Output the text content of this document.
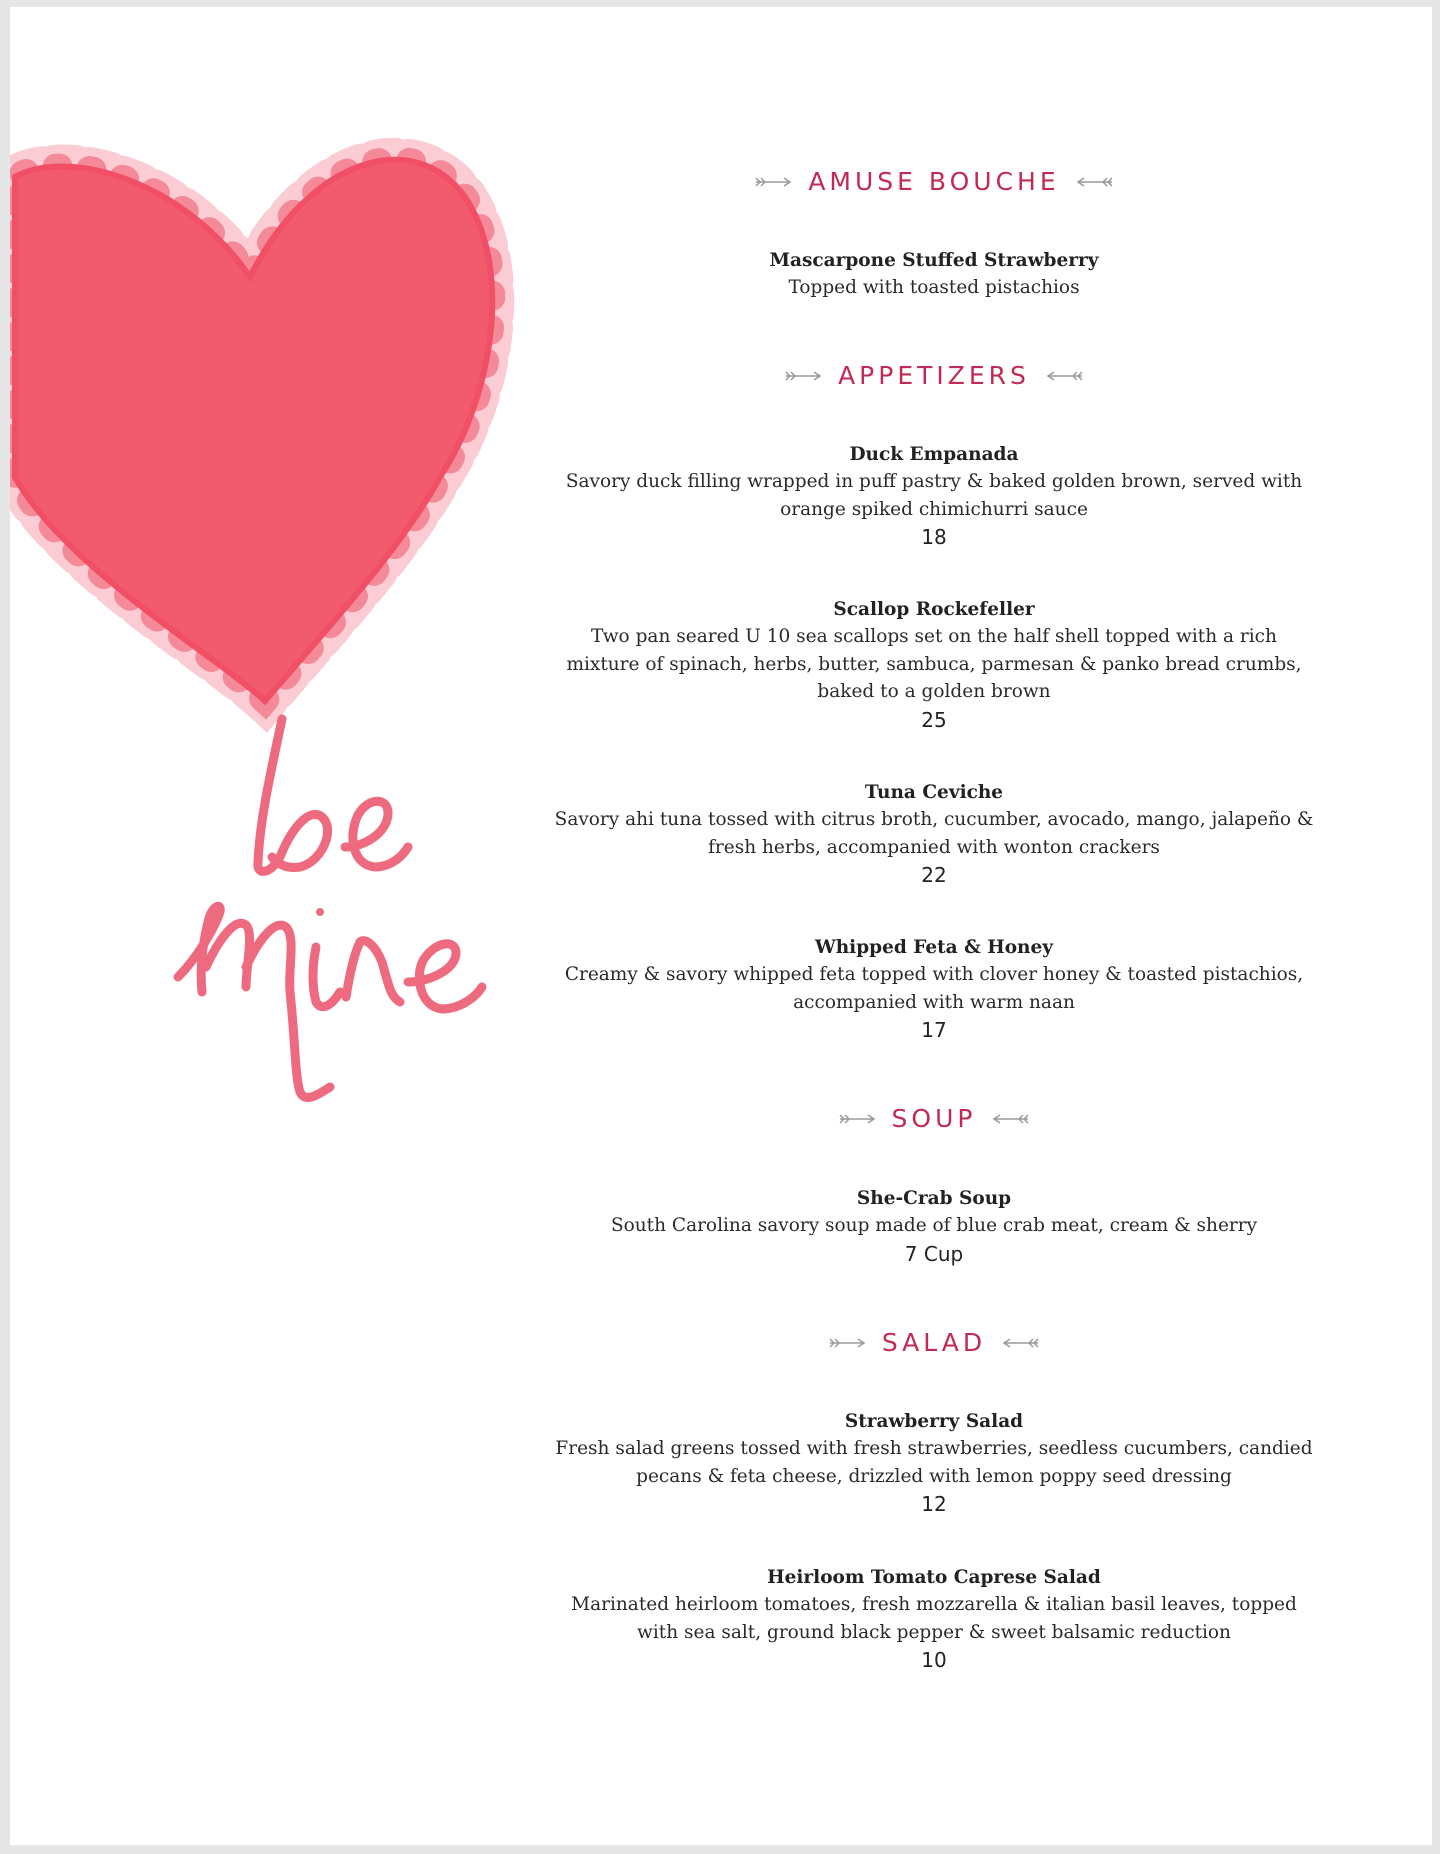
AMUSE BOUCHE
Mascarpone Stuffed Strawberry
Topped with toasted pistachios
APPETIZERS
Duck Empanada
Savory duck filling wrapped in puff pastry & baked golden brown, served with orange spiked chimichurri sauce
18
Scallop Rockefeller
Two pan seared U 10 sea scallops set on the half shell topped with a rich mixture of spinach, herbs, butter, sambuca, parmesan & panko bread crumbs, baked to a golden brown
25
Tuna Ceviche
Savory ahi tuna tossed with citrus broth, cucumber, avocado, mango, jalapeño & fresh herbs, accompanied with wonton crackers
22
Whipped Feta & Honey
Creamy & savory whipped feta topped with clover honey & toasted pistachios, accompanied with warm naan
17
SOUP
She-Crab Soup
South Carolina savory soup made of blue crab meat, cream & sherry
7 Cup
SALAD
Strawberry Salad
Fresh salad greens tossed with fresh strawberries, seedless cucumbers, candied pecans & feta cheese, drizzled with lemon poppy seed dressing
12
Heirloom Tomato Caprese Salad
Marinated heirloom tomatoes, fresh mozzarella & italian basil leaves, topped with sea salt, ground black pepper & sweet balsamic reduction
10
